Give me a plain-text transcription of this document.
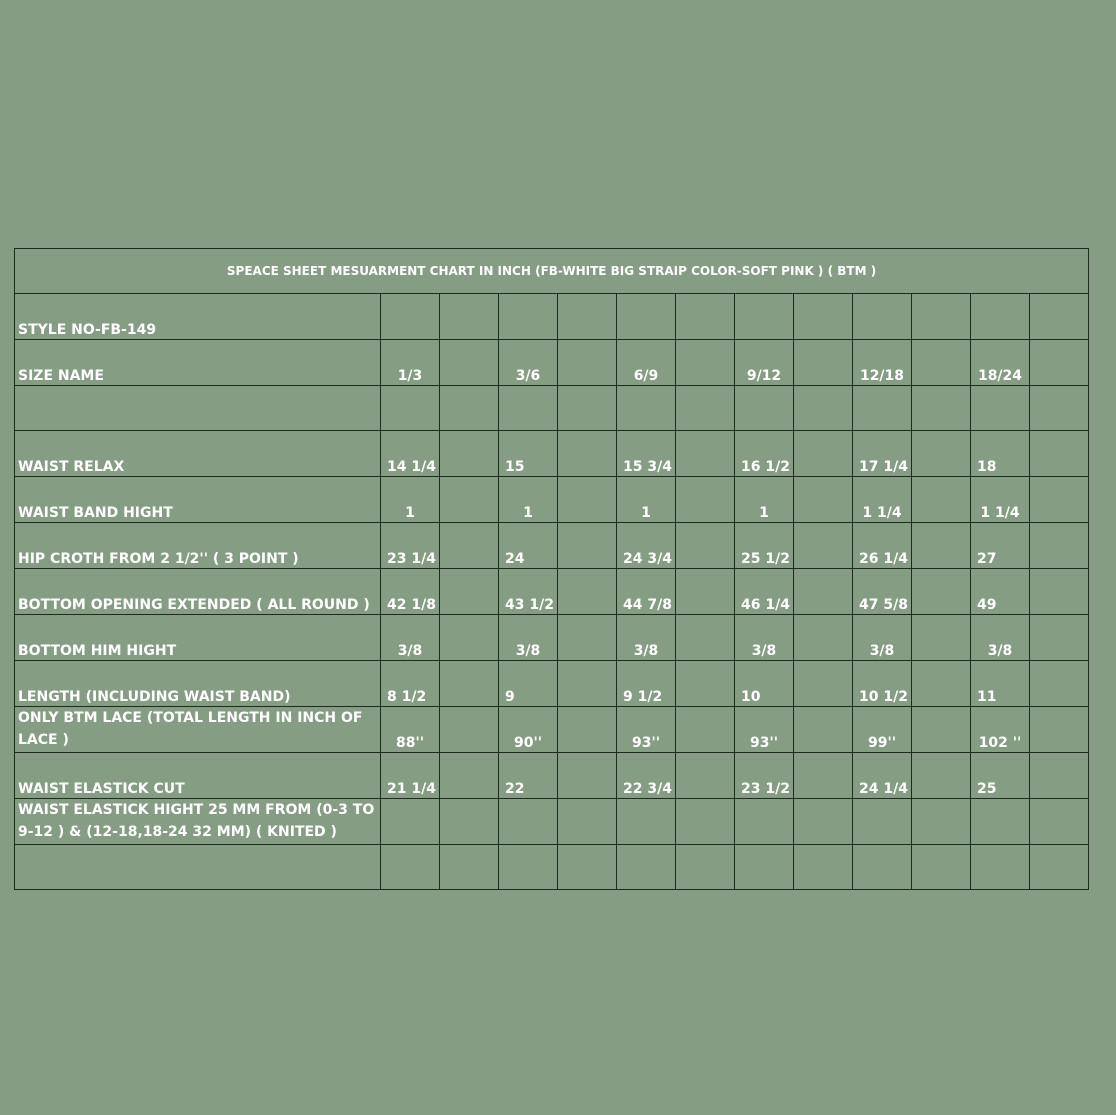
SPEACE SHEET MESUARMENT CHART IN INCH (FB-WHITE BIG STRAIP COLOR-SOFT PINK ) ( BTM )												
STYLE NO-FB-149												
SIZE NAME	1/3		3/6		6/9		9/12		12/18		18/24	

WAIST RELAX	14 1/4		15		15 3/4		16 1/2		17 1/4		18	
WAIST BAND HIGHT	1		1		1		1		1 1/4		1 1/4	
HIP CROTH FROM 2 1/2'' ( 3 POINT )	23 1/4		24		24 3/4		25 1/2		26 1/4		27	
BOTTOM OPENING EXTENDED ( ALL ROUND )	42 1/8		43 1/2		44 7/8		46 1/4		47 5/8		49	
BOTTOM HIM HIGHT	3/8		3/8		3/8		3/8		3/8		3/8	
LENGTH (INCLUDING WAIST BAND)	8 1/2		9		9 1/2		10		10 1/2		11	
ONLY BTM LACE (TOTAL LENGTH IN INCH OF LACE )	88''		90''		93''		93''		99''		102 ''	
WAIST ELASTICK CUT	21 1/4		22		22 3/4		23 1/2		24 1/4		25	
WAIST ELASTICK HIGHT 25 MM FROM (0-3 TO 9-12 ) & (12-18,18-24 32 MM) ( KNITED )												
